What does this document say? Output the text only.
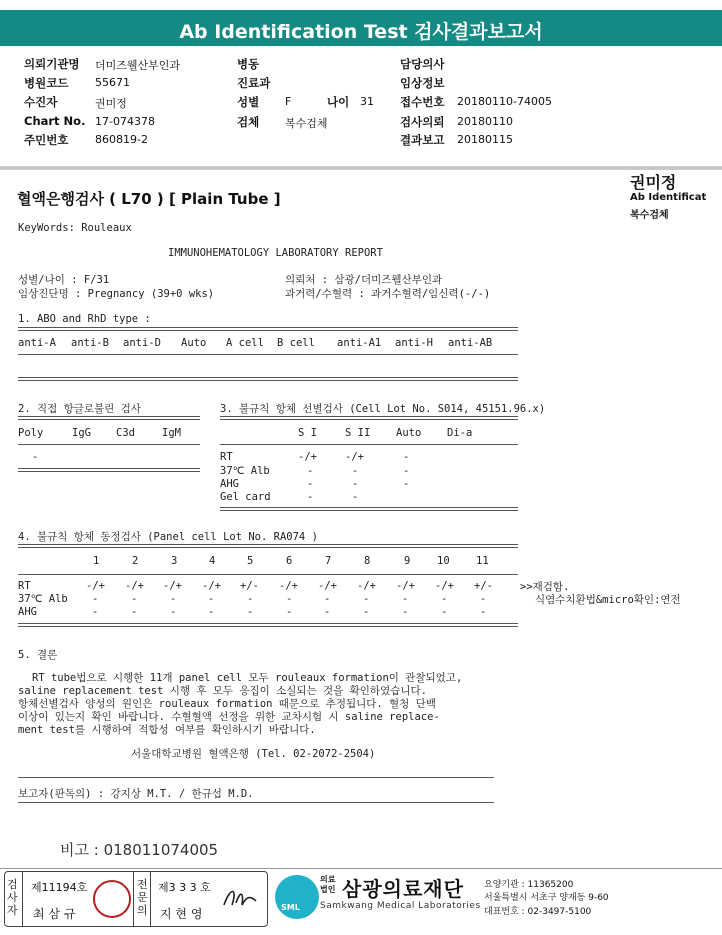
Ab Identification Test 검사결과보고서
의뢰기관명 더미즈웰산부인과
병원코드 55671
수진자	권미정
Chart No. 17-074378
주민번호 860819-2
병동
진료과
성별 F	나이 31
검체 복수검체
담당의사
임상정보
접수번호 20180110-74005
검사의뢰 20180110
결과보고 20180115
권미정
Ab Identificat
복수검체
혈액은행검사 ( L70 ) [ Plain Tube ]
KeyWords: Rouleaux
IMMUNOHEMATOLOGY LABORATORY REPORT
성별/나이 : F/31
임상진단명 : Pregnancy (39+0 wks)
의뢰처 : 삼광/더미즈웰산부인과
과거력/수혈력 : 과거수혈력/임신력(-/-)
1. ABO and RhD type :
anti-A anti-B anti-D Auto A cell B cell anti-A1 anti-H anti-AB
2. 직접 항글로불린 검사
Poly	IgG C3d	IgM
-
3. 불규칙 항체 선별검사 (Cell Lot No. S014, 45151.96.x)
S I	S II Auto Di-a
RT	-/+	-/+	-
37℃ Alb	-	-	-
AHG	-	-	-
Gel card	-	-
4. 불규칙 항체 동정검사 (Panel cell Lot No. RA074 )
1	2	3	4	5	6	7	8	9	10	11
RT	-/+ -/+ -/+ -/+ +/- -/+ -/+ -/+ -/+ -/+ +/-
37℃ Alb -	-	-	-	-	-	-	-	-	-	-
AHG	-	-	-	-	-	-	-	-	-	-	-
>>재검함.
식염수치환법&micro확인:연전
5. 결론
RT tube법으로 시행한 11개 panel cell 모두 rouleaux formation이 관찰되었고,
saline replacement test 시행 후 모두 응집이 소실되는 것을 확인하였습니다.
항체선별검사 양성의 원인은 rouleaux formation 때문으로 추정됩니다. 혈청 단백
이상이 있는지 확인 바랍니다. 수혈혈액 선정을 위한 교차시험 시 saline replace-
ment test를 시행하여 적합성 여부를 확인하시기 바랍니다.
서울대학교병원 혈액은행 (Tel. 02-2072-2504)
보고자(판독의) : 강지상 M.T. / 한규섭 M.D.
비고 : 018011074005
검사자
제11194호
최 삼 규
전문의
제3 3 3 호
지 현 영	SML
의료법인 삼광의료재단
Samkwang Medical Laboratories
요양기관 : 11365200
서울특별시 서초구 양재동 9-60
대표번호 : 02-3497-5100
